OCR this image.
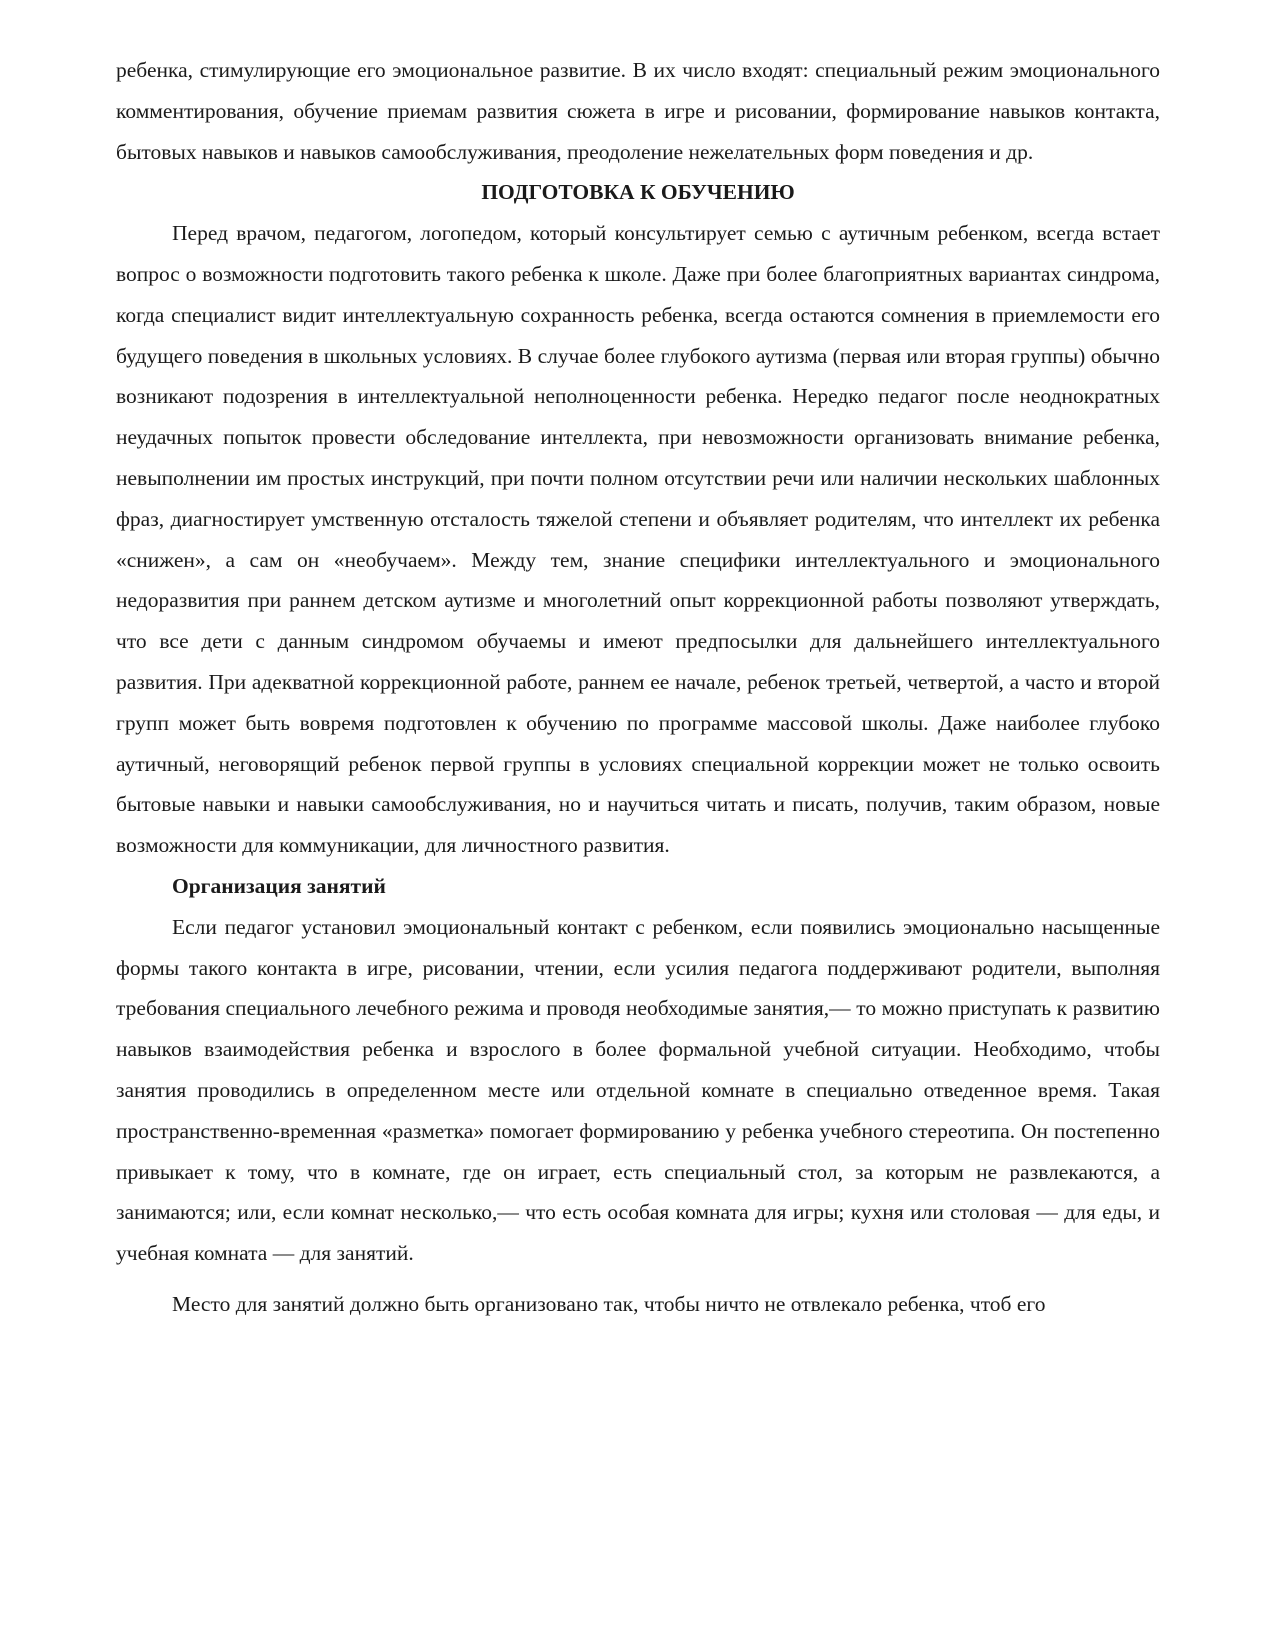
ребенка, стимулирующие его эмоциональное развитие. В их число входят: специальный режим эмоционального комментирования, обучение приемам развития сюжета в игре и рисовании, формирование навыков контакта, бытовых навыков и навыков самообслуживания, преодоление нежелательных форм поведения и др.

ПОДГОТОВКА К ОБУЧЕНИЮ

Перед врачом, педагогом, логопедом, который консультирует семью с аутичным ребенком, всегда встает вопрос о возможности подготовить такого ребенка к школе. Даже при более благоприятных вариантах синдрома, когда специалист видит интеллектуальную сохранность ребенка, всегда остаются сомнения в приемлемости его будущего поведения в школьных условиях. В случае более глубокого аутизма (первая или вторая группы) обычно возникают подозрения в интеллектуальной неполноценности ребенка. Нередко педагог после неоднократных неудачных попыток провести обследование интеллекта, при невозможности организовать внимание ребенка, невыполнении им простых инструкций, при почти полном отсутствии речи или наличии нескольких шаблонных фраз, диагностирует умственную отсталость тяжелой степени и объявляет родителям, что интеллект их ребенка «снижен», а сам он «необучаем». Между тем, знание специфики интеллектуального и эмоционального недоразвития при раннем детском аутизме и многолетний опыт коррекционной работы позволяют утверждать, что все дети с данным синдромом обучаемы и имеют предпосылки для дальнейшего интеллектуального развития. При адекватной коррекционной работе, раннем ее начале, ребенок третьей, четвертой, а часто и второй групп может быть вовремя подготовлен к обучению по программе массовой школы. Даже наиболее глубоко аутичный, неговорящий ребенок первой группы в условиях специальной коррекции может не только освоить бытовые навыки и навыки самообслуживания, но и научиться читать и писать, получив, таким образом, новые возможности для коммуникации, для личностного развития.

Организация занятий

Если педагог установил эмоциональный контакт с ребенком, если появились эмоционально насыщенные формы такого контакта в игре, рисовании, чтении, если усилия педагога поддерживают родители, выполняя требования специального лечебного режима и проводя необходимые занятия,— то можно приступать к развитию навыков взаимодействия ребенка и взрослого в более формальной учебной ситуации. Необходимо, чтобы занятия проводились в определенном месте или отдельной комнате в специально отведенное время. Такая пространственно-временная «разметка» помогает формированию у ребенка учебного стереотипа. Он постепенно привыкает к тому, что в комнате, где он играет, есть специальный стол, за которым не развлекаются, а занимаются; или, если комнат несколько,— что есть особая комната для игры; кухня или столовая — для еды, и учебная комната — для занятий.

Место для занятий должно быть организовано так, чтобы ничто не отвлекало ребенка, чтоб его
